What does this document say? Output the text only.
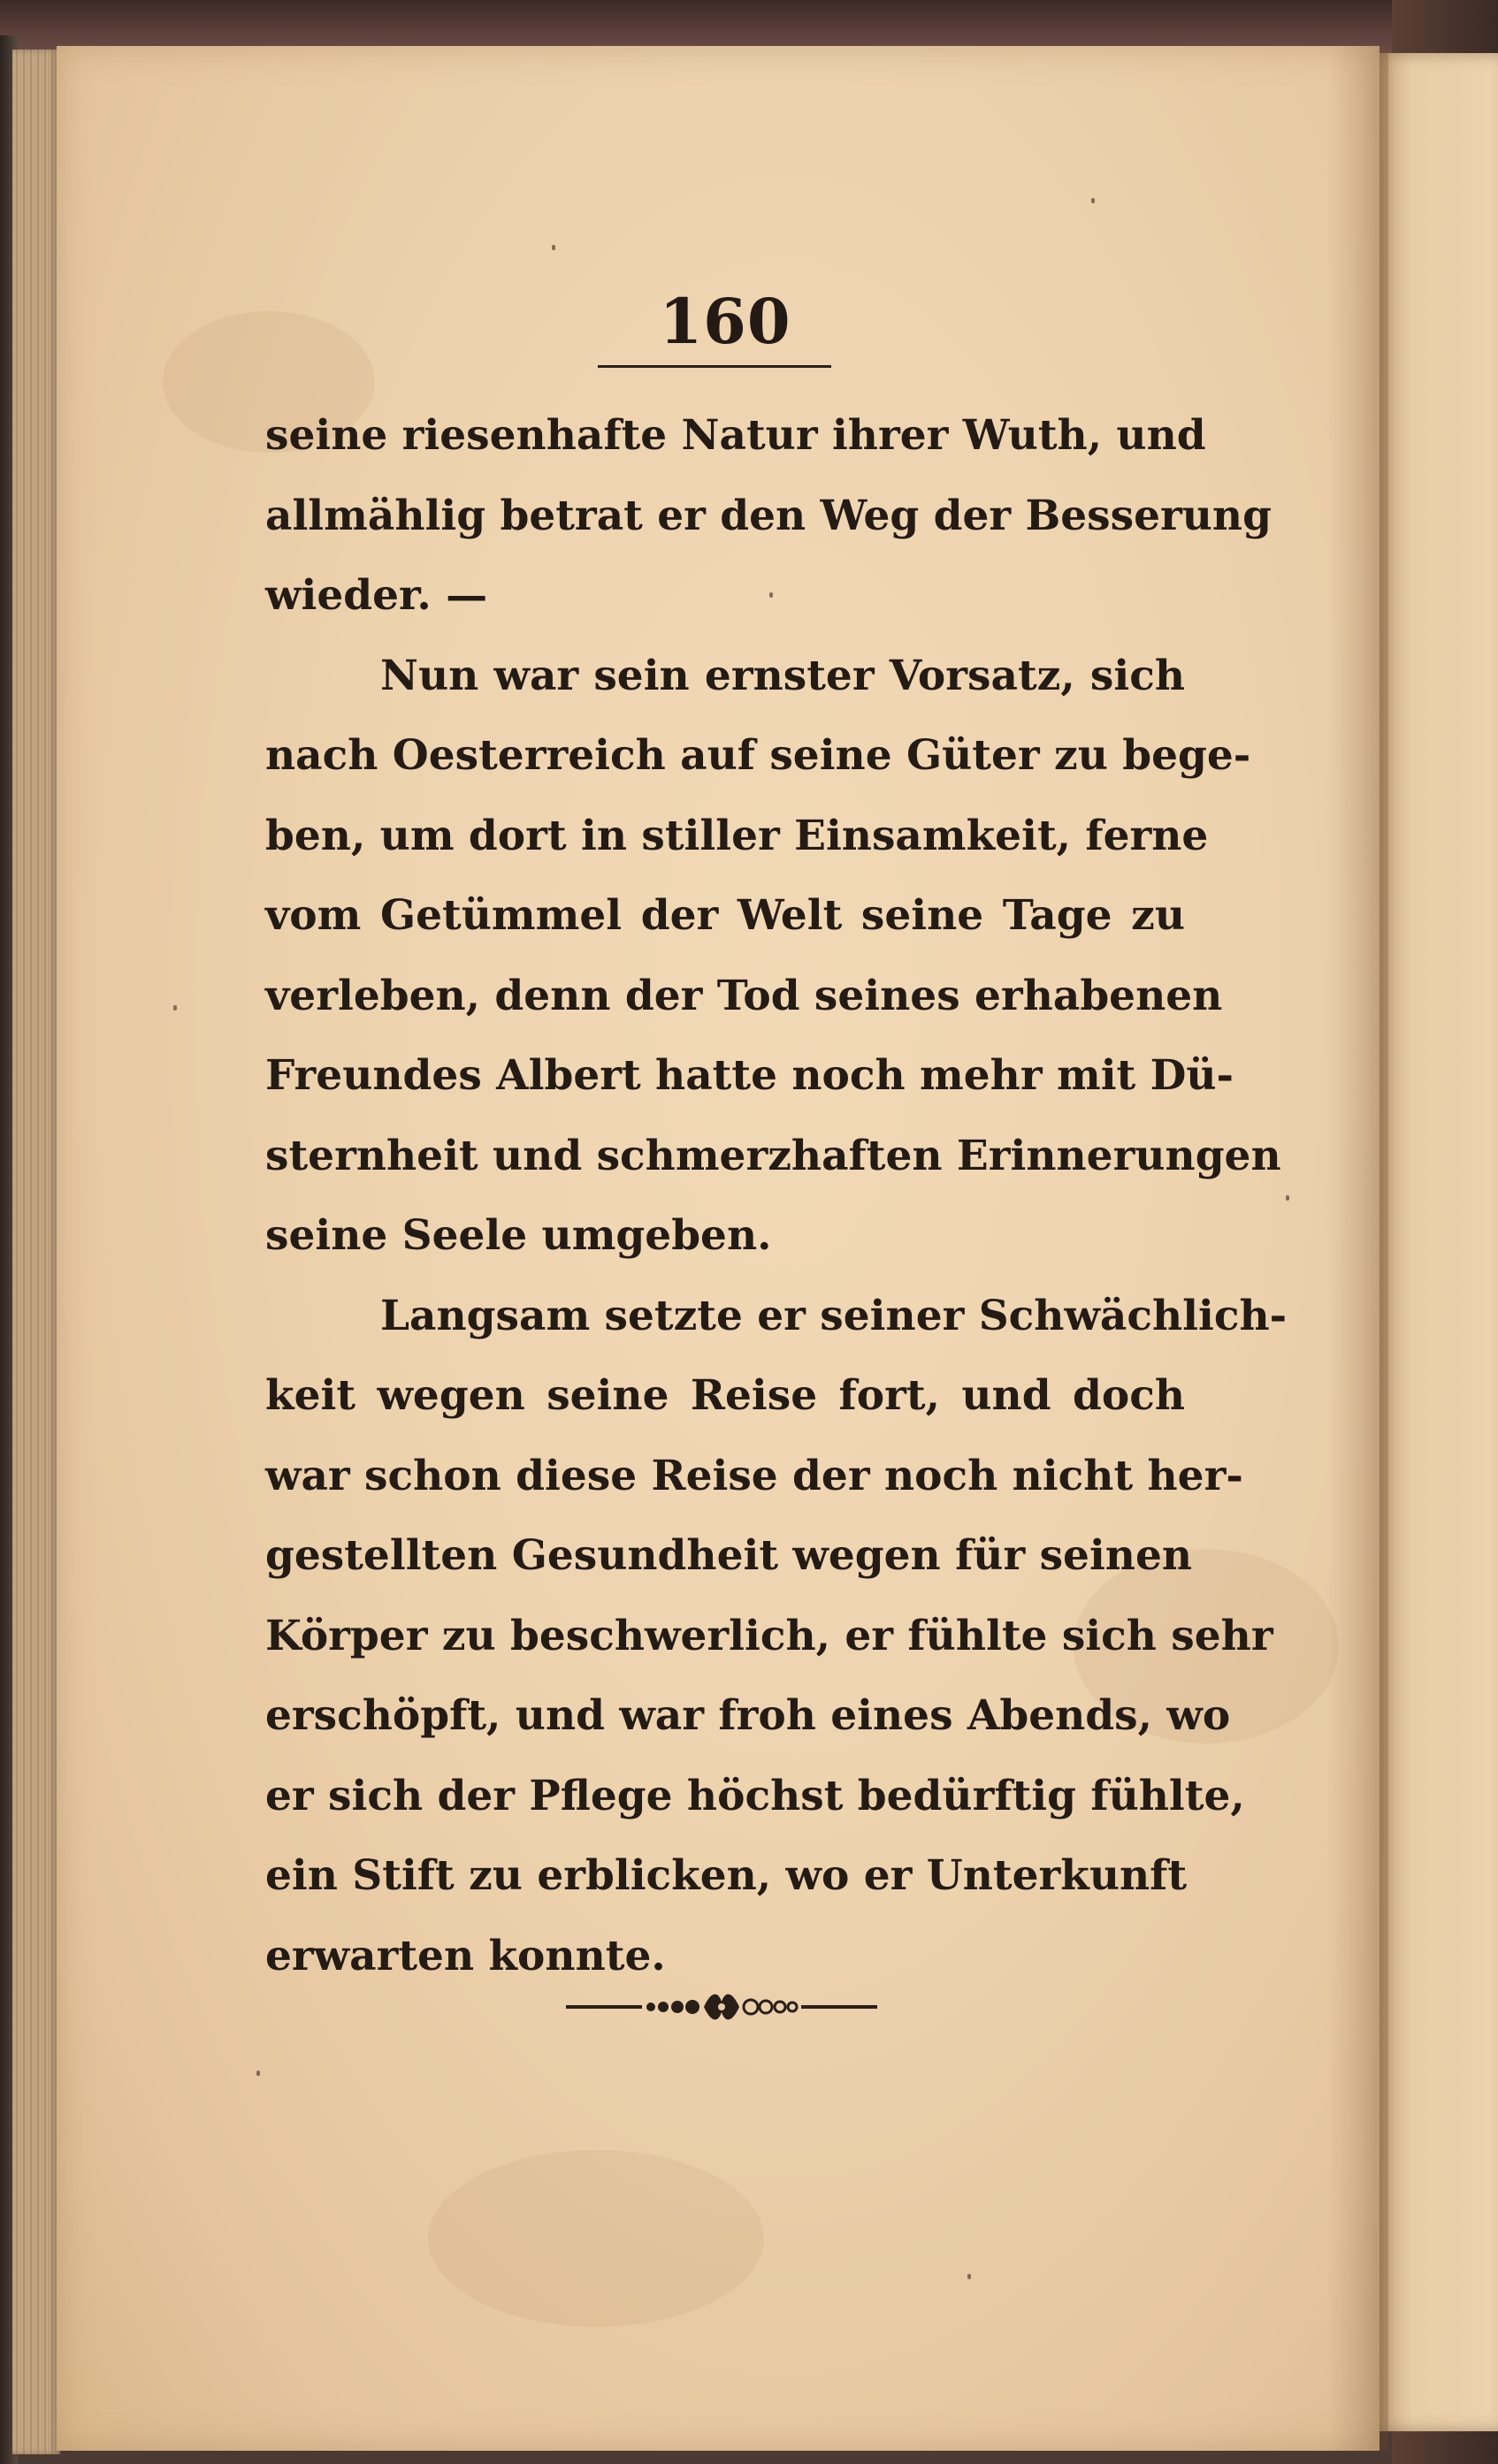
160
seine riesenhafte Natur ihrer Wuth, und
allmählig betrat er den Weg der Besserung
wieder. —
Nun war sein ernster Vorsatz, sich
nach Oesterreich auf seine Güter zu bege-
ben, um dort in stiller Einsamkeit, ferne
vom Getümmel der Welt seine Tage zu
verleben, denn der Tod seines erhabenen
Freundes Albert hatte noch mehr mit Dü-
sternheit und schmerzhaften Erinnerungen
seine Seele umgeben.
Langsam setzte er seiner Schwächlich-
keit wegen seine Reise fort, und doch
war schon diese Reise der noch nicht her-
gestellten Gesundheit wegen für seinen
Körper zu beschwerlich, er fühlte sich sehr
erschöpft, und war froh eines Abends, wo
er sich der Pflege höchst bedürftig fühlte,
ein Stift zu erblicken, wo er Unterkunft
erwarten konnte.
